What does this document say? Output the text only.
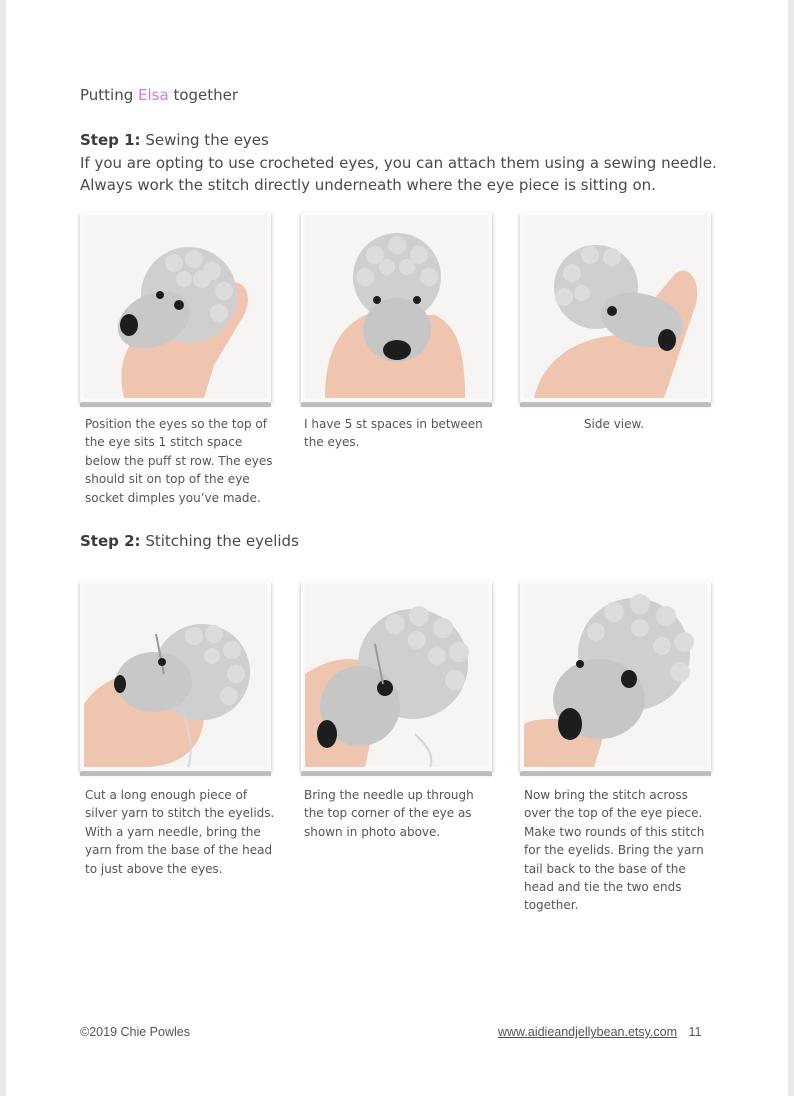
Putting Elsa together
Step 1: Sewing the eyes
If you are opting to use crocheted eyes, you can attach them using a sewing needle.
Always work the stitch directly underneath where the eye piece is sitting on.
Position the eyes so the top of the eye sits 1 stitch space below the puff st row. The eyes should sit on top of the eye socket dimples you’ve made.
I have 5 st spaces in between the eyes.
Side view.
Step 2: Stitching the eyelids
Cut a long enough piece of silver yarn to stitch the eyelids. With a yarn needle, bring the yarn from the base of the head to just above the eyes.
Bring the needle up through the top corner of the eye as shown in photo above.
Now bring the stitch across over the top of the eye piece. Make two rounds of this stitch for the eyelids. Bring the yarn tail back to the base of the head and tie the two ends together.
©2019 Chie Powles	www.aidieandjellybean.etsy.com 11
